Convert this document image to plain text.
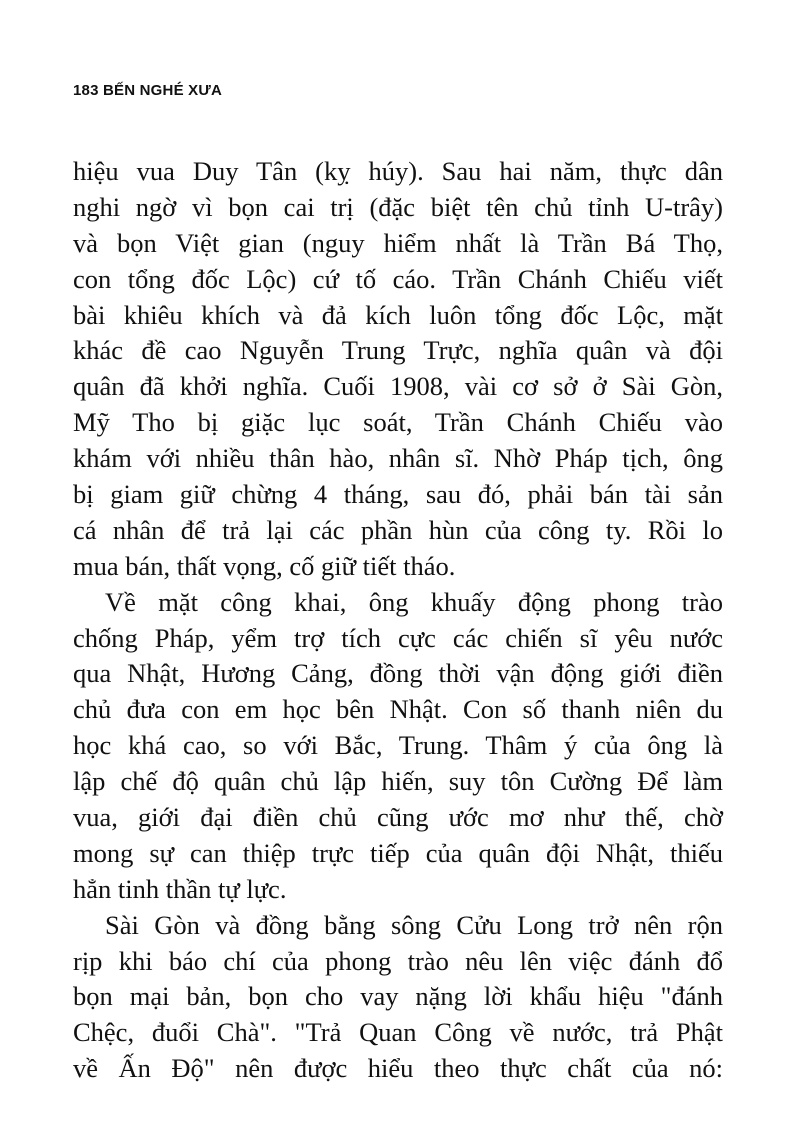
183 BẾN NGHÉ XƯA
hiệu vua Duy Tân (kỵ húy). Sau hai năm, thực dân
nghi ngờ vì bọn cai trị (đặc biệt tên chủ tỉnh U-trây)
và bọn Việt gian (nguy hiểm nhất là Trần Bá Thọ,
con tổng đốc Lộc) cứ tố cáo. Trần Chánh Chiếu viết
bài khiêu khích và đả kích luôn tổng đốc Lộc, mặt
khác đề cao Nguyễn Trung Trực, nghĩa quân và đội
quân đã khởi nghĩa. Cuối 1908, vài cơ sở ở Sài Gòn,
Mỹ Tho bị giặc lục soát, Trần Chánh Chiếu vào
khám với nhiều thân hào, nhân sĩ. Nhờ Pháp tịch, ông
bị giam giữ chừng 4 tháng, sau đó, phải bán tài sản
cá nhân để trả lại các phần hùn của công ty. Rồi lo
mua bán, thất vọng, cố giữ tiết tháo.
Về mặt công khai, ông khuấy động phong trào
chống Pháp, yểm trợ tích cực các chiến sĩ yêu nước
qua Nhật, Hương Cảng, đồng thời vận động giới điền
chủ đưa con em học bên Nhật. Con số thanh niên du
học khá cao, so với Bắc, Trung. Thâm ý của ông là
lập chế độ quân chủ lập hiến, suy tôn Cường Để làm
vua, giới đại điền chủ cũng ước mơ như thế, chờ
mong sự can thiệp trực tiếp của quân đội Nhật, thiếu
hẳn tinh thần tự lực.
Sài Gòn và đồng bằng sông Cửu Long trở nên rộn
rịp khi báo chí của phong trào nêu lên việc đánh đổ
bọn mại bản, bọn cho vay nặng lời khẩu hiệu "đánh
Chệc, đuổi Chà". "Trả Quan Công về nước, trả Phật
về Ấn Độ" nên được hiểu theo thực chất của nó:
